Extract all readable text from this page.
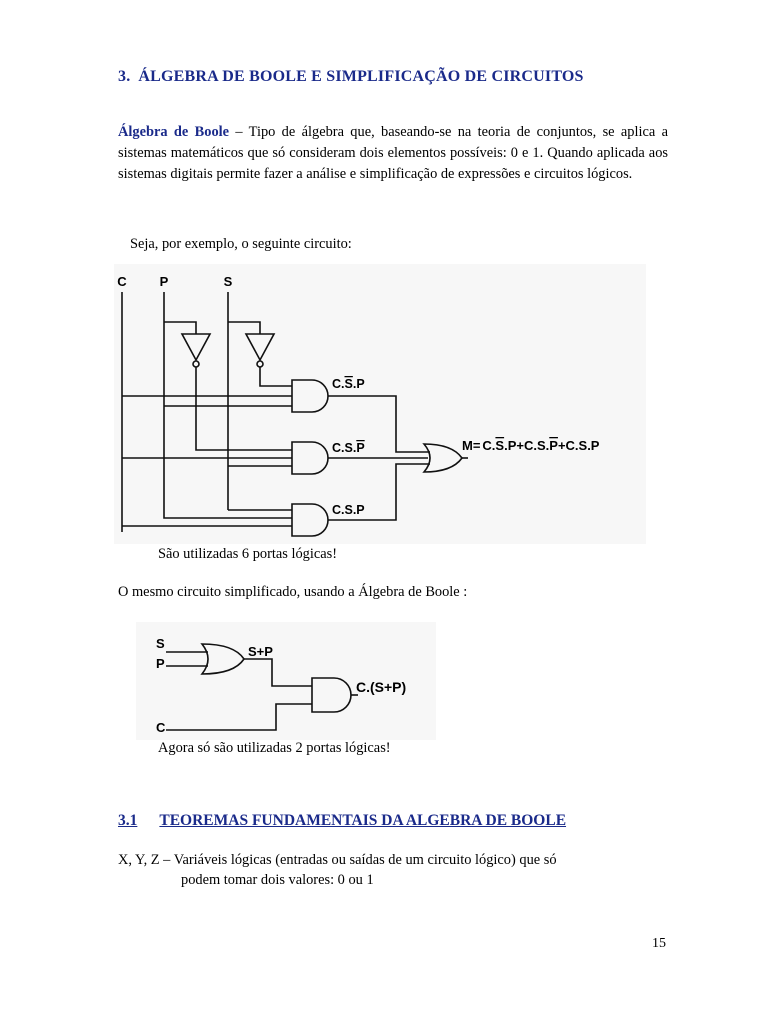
3. ÁLGEBRA DE BOOLE E SIMPLIFICAÇÃO DE CIRCUITOS
Álgebra de Boole – Tipo de álgebra que, baseando-se na teoria de conjuntos, se aplica a sistemas matemáticos que só consideram dois elementos possíveis: 0 e 1. Quando aplicada aos sistemas digitais permite fazer a análise e simplificação de expressões e circuitos lógicos.
Seja, por exemplo, o seguinte circuito:
C	P	S
C.S.P
C.S.P
C.S.P
M= C.S.P+C.S.P+C.S.P
São utilizadas 6 portas lógicas!
O mesmo circuito simplificado, usando a Álgebra de Boole :
S
P
C
S+P
C.(S+P)
Agora só são utilizadas 2 portas lógicas!
3.1 TEOREMAS FUNDAMENTAIS DA ALGEBRA DE BOOLE
X, Y, Z – Variáveis lógicas (entradas ou saídas de um circuito lógico) que só
podem tomar dois valores: 0 ou 1
15
